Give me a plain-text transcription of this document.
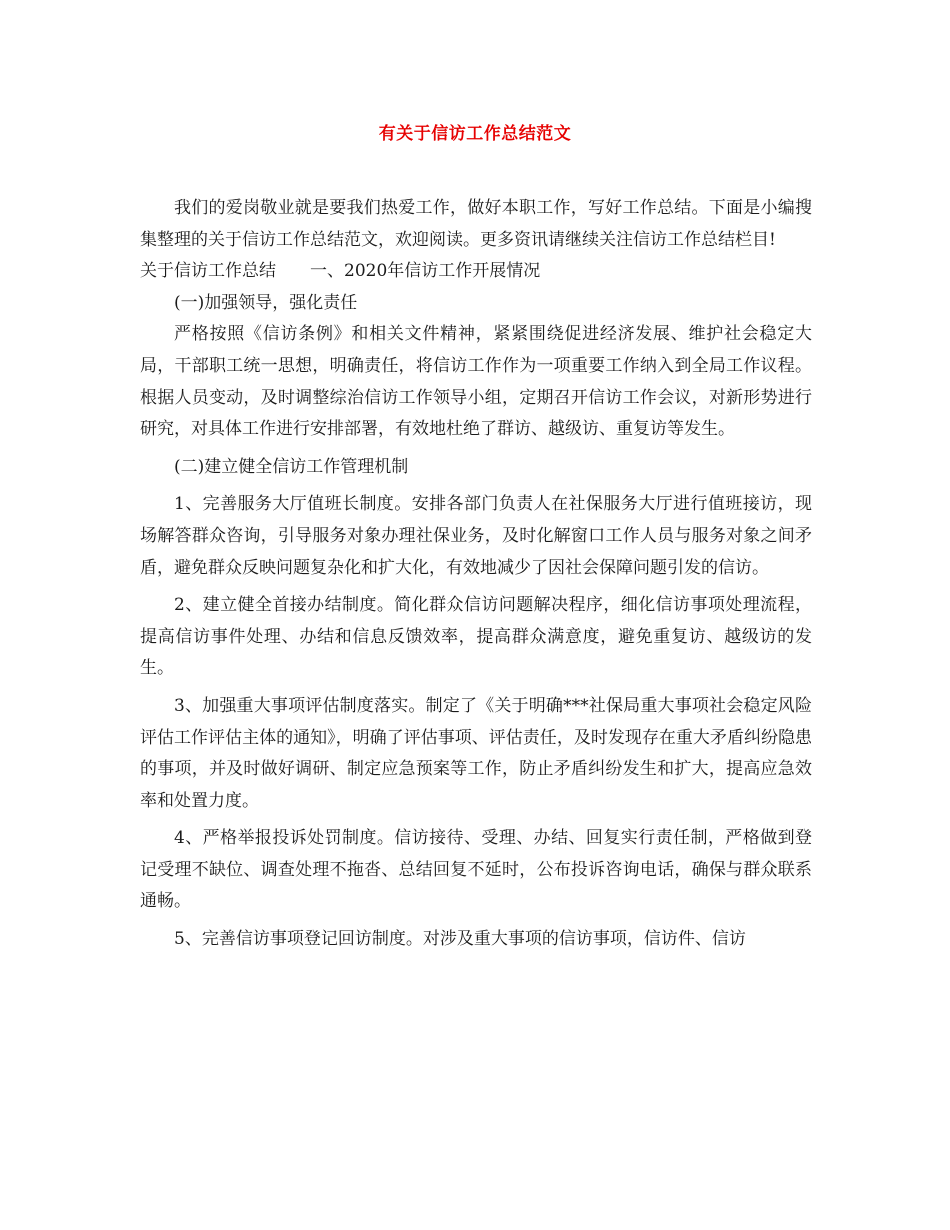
有关于信访工作总结范文

我们的爱岗敬业就是要我们热爱工作，做好本职工作，写好工作总结。下面是小编搜集整理的关于信访工作总结范文，欢迎阅读。更多资讯请继续关注信访工作总结栏目!

关于信访工作总结 一、2020年信访工作开展情况

(一)加强领导，强化责任

严格按照《信访条例》和相关文件精神，紧紧围绕促进经济发展、维护社会稳定大局，干部职工统一思想，明确责任，将信访工作作为一项重要工作纳入到全局工作议程。根据人员变动，及时调整综治信访工作领导小组，定期召开信访工作会议，对新形势进行研究，对具体工作进行安排部署，有效地杜绝了群访、越级访、重复访等发生。

(二)建立健全信访工作管理机制

1、完善服务大厅值班长制度。安排各部门负责人在社保服务大厅进行值班接访，现场解答群众咨询，引导服务对象办理社保业务，及时化解窗口工作人员与服务对象之间矛盾，避免群众反映问题复杂化和扩大化，有效地减少了因社会保障问题引发的信访。

2、建立健全首接办结制度。简化群众信访问题解决程序，细化信访事项处理流程，提高信访事件处理、办结和信息反馈效率，提高群众满意度，避免重复访、越级访的发生。

3、加强重大事项评估制度落实。制定了《关于明确***社保局重大事项社会稳定风险评估工作评估主体的通知》，明确了评估事项、评估责任，及时发现存在重大矛盾纠纷隐患的事项，并及时做好调研、制定应急预案等工作，防止矛盾纠纷发生和扩大，提高应急效率和处置力度。

4、严格举报投诉处罚制度。信访接待、受理、办结、回复实行责任制，严格做到登记受理不缺位、调查处理不拖沓、总结回复不延时，公布投诉咨询电话，确保与群众联系通畅。

5、完善信访事项登记回访制度。对涉及重大事项的信访事项，信访件、信访
